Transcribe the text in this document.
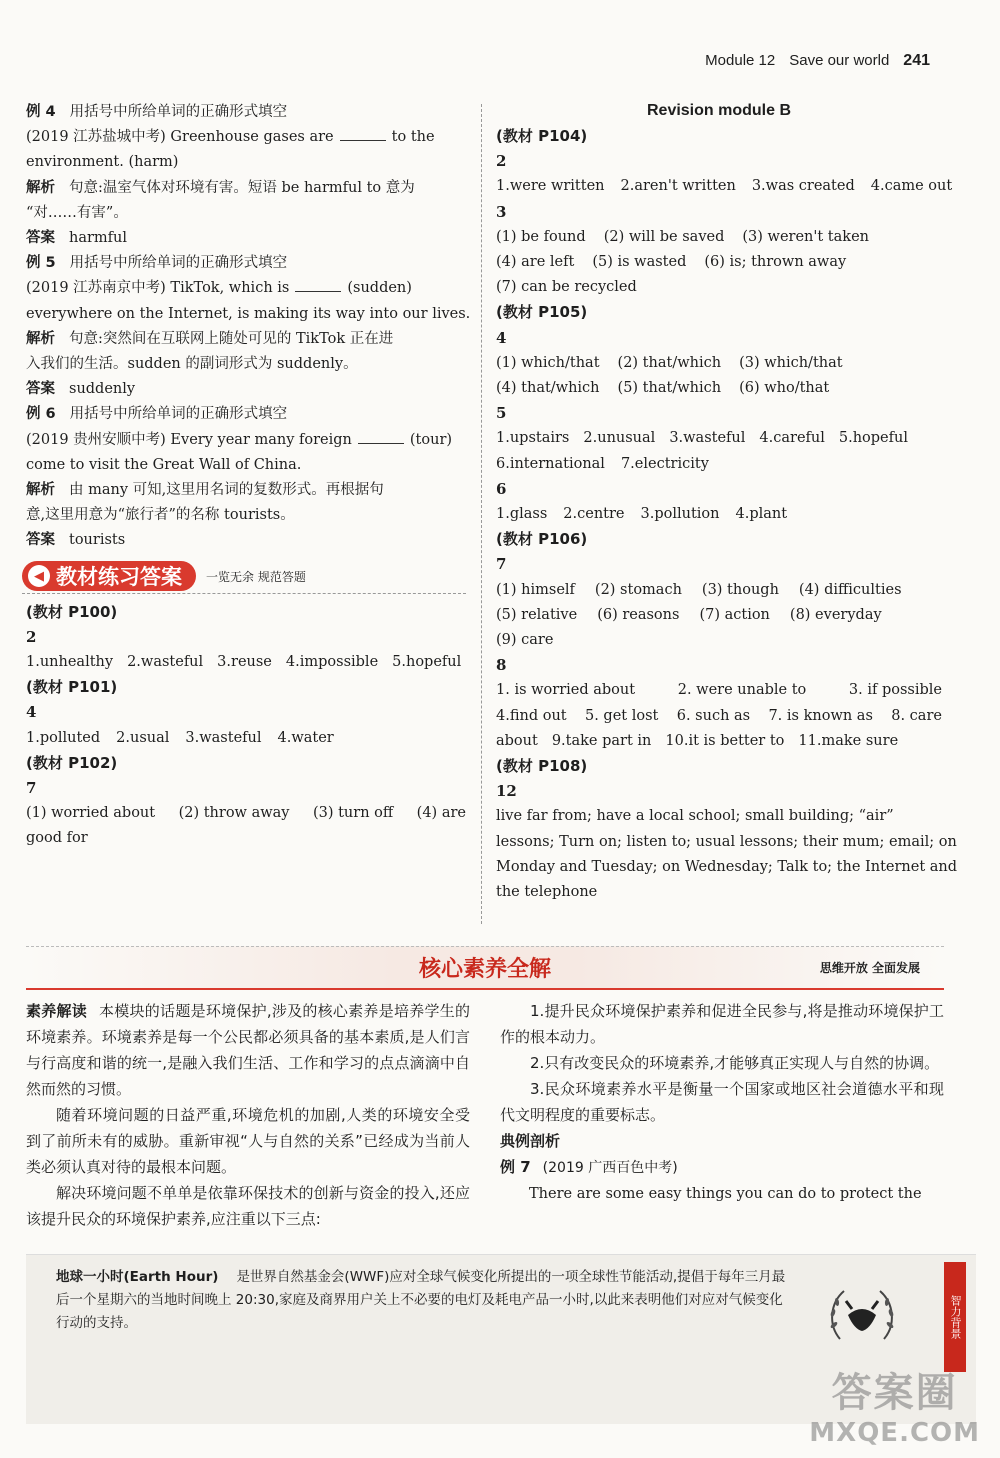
Module 12 Save our world 241
例 4 用括号中所给单词的正确形式填空
(2019 江苏盐城中考) Greenhouse gases are	to the
environment. (harm)
解析 句意:温室气体对环境有害。短语 be harmful to 意为
“对……有害”。
答案 harmful
例 5 用括号中所给单词的正确形式填空
(2019 江苏南京中考) TikTok, which is	(sudden)
everywhere on the Internet, is making its way into our lives.
解析 句意:突然间在互联网上随处可见的 TikTok 正在进
入我们的生活。sudden 的副词形式为 suddenly。
答案 suddenly
例 6 用括号中所给单词的正确形式填空
(2019 贵州安顺中考) Every year many foreign	(tour)
come to visit the Great Wall of China.
解析 由 many 可知,这里用名词的复数形式。再根据句
意,这里用意为“旅行者”的名称 tourists。
答案 tourists
◀ 教材练习答案 一览无余 规范答题
(教材 P100)
2
1.unhealthy 2.wasteful 3.reuse 4.impossible 5.hopeful
(教材 P101)
4
1.polluted 2.usual 3.wasteful 4.water
(教材 P102)
7
(1) worried about (2) throw away (3) turn off (4) are
good for
Revision module B
(教材 P104)
2
1.were written 2.aren't written 3.was created 4.came out
3
(1) be found (2) will be saved (3) weren't taken
(4) are left (5) is wasted (6) is; thrown away
(7) can be recycled
(教材 P105)
4
(1) which/that (2) that/which (3) which/that
(4) that/which (5) that/which (6) who/that
5
1.upstairs 2.unusual 3.wasteful 4.careful 5.hopeful
6.international 7.electricity
6
1.glass 2.centre 3.pollution 4.plant
(教材 P106)
7
(1) himself (2) stomach (3) though (4) difficulties
(5) relative (6) reasons (7) action (8) everyday
(9) care
8
1. is worried about	2. were unable to	3. if possible
4.find out 5. get lost 6. such as 7. is known as 8. care
about 9.take part in 10.it is better to 11.make sure
(教材 P108)
12
live far from; have a local school; small building; “air”
lessons; Turn on; listen to; usual lessons; their mum; email; on
Monday and Tuesday; on Wednesday; Talk to; the Internet and
the telephone
核心素养全解	思维开放 全面发展

素养解读 本模块的话题是环境保护,涉及的核心素养是培养学生的环境素养。环境素养是每一个公民都必须具备的基本素质,是人们言与行高度和谐的统一,是融入我们生活、工作和学习的点点滴滴中自然而然的习惯。

随着环境问题的日益严重,环境危机的加剧,人类的环境安全受到了前所未有的威胁。重新审视“人与自然的关系”已经成为当前人类必须认真对待的最根本问题。

解决环境问题不单单是依靠环保技术的创新与资金的投入,还应该提升民众的环境保护素养,应注重以下三点:

1.提升民众环境保护素养和促进全民参与,将是推动环境保护工作的根本动力。

2.只有改变民众的环境素养,才能够真正实现人与自然的协调。

3.民众环境素养水平是衡量一个国家或地区社会道德水平和现代文明程度的重要标志。

典例剖析

例 7 (2019 广西百色中考)

There are some easy things you can do to protect the

地球一小时(Earth Hour) 是世界自然基金会(WWF)应对全球气候变化所提出的一项全球性节能活动,提倡于每年三月最后一个星期六的当地时间晚上 20:30,家庭及商界用户关上不必要的电灯及耗电产品一小时,以此来表明他们对应对气候变化行动的支持。	智力背景
答案圈
MXQE.COM
